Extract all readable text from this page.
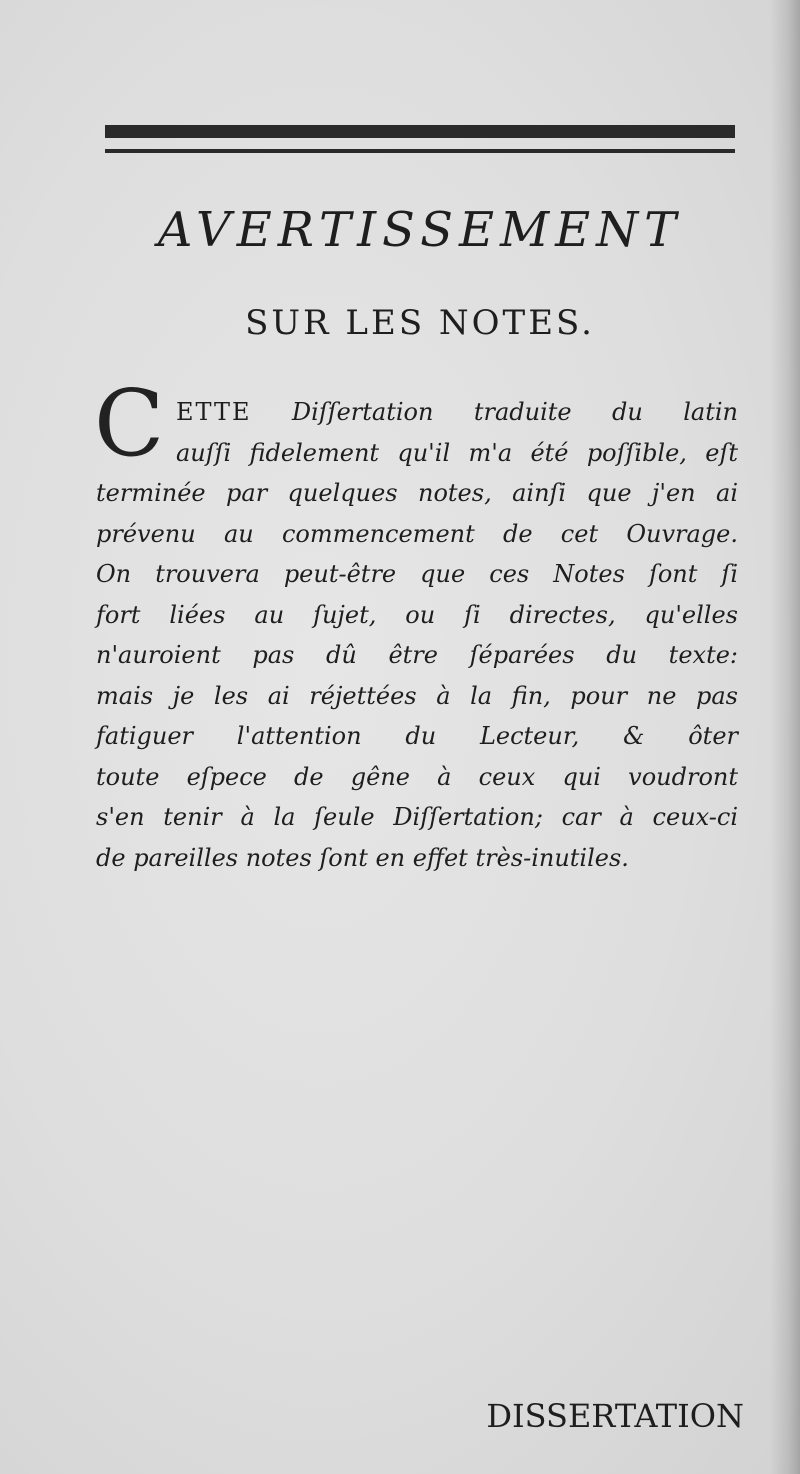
AVERTISSEMENT
SUR LES NOTES.
C ETTE Diſſertation traduite du latin
auſſi fidelement qu'il m'a été poſſible, eſt
terminée par quelques notes, ainſi que j'en ai
prévenu au commencement de cet Ouvrage.
On trouvera peut-être que ces Notes ſont ſi
fort liées au ſujet, ou ſi directes, qu'elles
n'auroient pas dû être ſéparées du texte:
mais je les ai réjettées à la fin, pour ne pas
fatiguer l'attention du Lecteur, & ôter
toute eſpece de gêne à ceux qui voudront
s'en tenir à la ſeule Diſſertation; car à ceux-ci
de pareilles notes ſont en effet très-inutiles.
DISSERTATION
